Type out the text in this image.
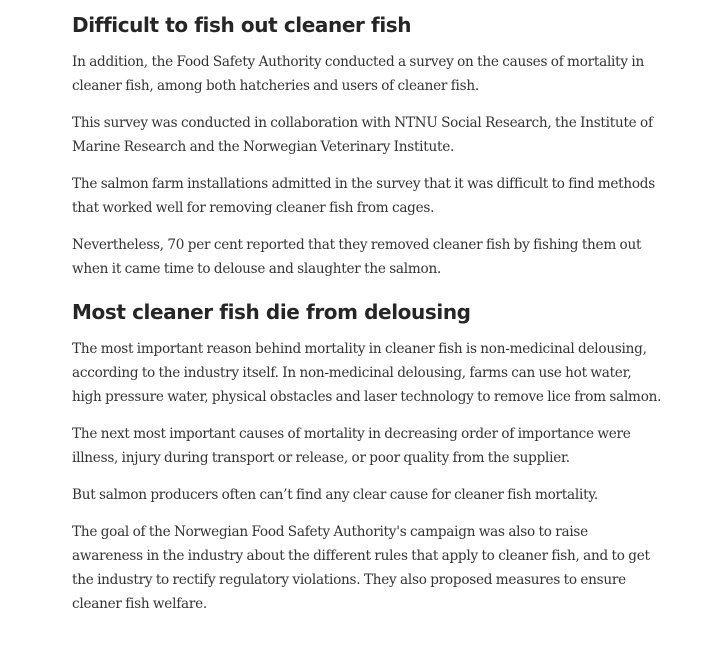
Difficult to fish out cleaner fish

In addition, the Food Safety Authority conducted a survey on the causes of mortality in cleaner fish, among both hatcheries and users of cleaner fish.

This survey was conducted in collaboration with NTNU Social Research, the Institute of Marine Research and the Norwegian Veterinary Institute.

The salmon farm installations admitted in the survey that it was difficult to find methods that worked well for removing cleaner fish from cages.

Nevertheless, 70 per cent reported that they removed cleaner fish by fishing them out when it came time to delouse and slaughter the salmon.

Most cleaner fish die from delousing

The most important reason behind mortality in cleaner fish is non-medicinal delousing, according to the industry itself. In non-medicinal delousing, farms can use hot water, high pressure water, physical obstacles and laser technology to remove lice from salmon.

The next most important causes of mortality in decreasing order of importance were illness, injury during transport or release, or poor quality from the supplier.

But salmon producers often can’t find any clear cause for cleaner fish mortality.

The goal of the Norwegian Food Safety Authority's campaign was also to raise awareness in the industry about the different rules that apply to cleaner fish, and to get the industry to rectify regulatory violations. They also proposed measures to ensure cleaner fish welfare.
